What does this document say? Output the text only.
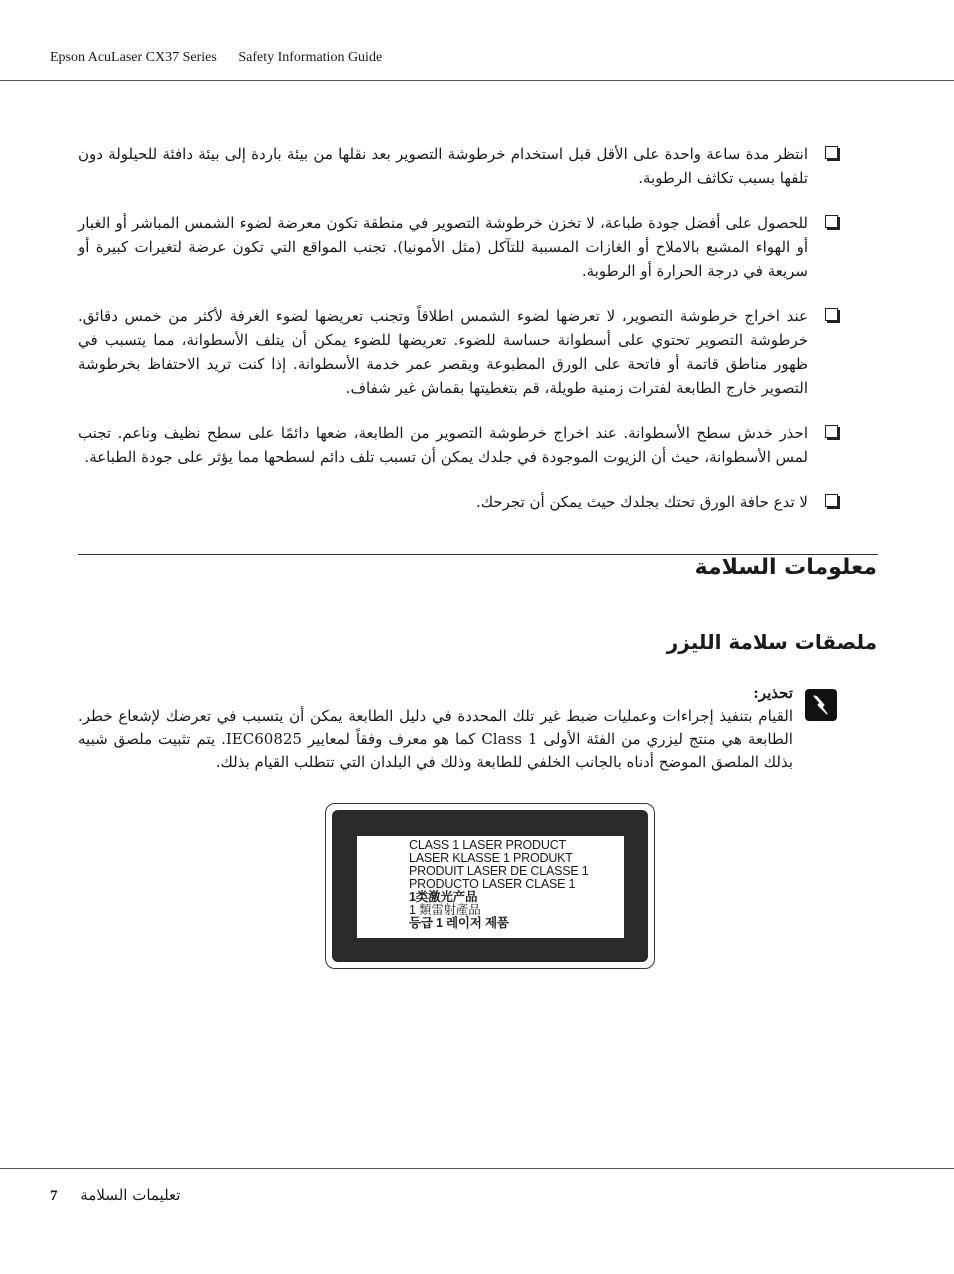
Epson AcuLaser CX37 Series Safety Information Guide
انتظر مدة ساعة واحدة على الأقل قبل استخدام خرطوشة التصوير بعد نقلها من بيئة باردة إلى بيئة دافئة للحيلولة دون تلفها بسبب تكاثف الرطوبة.
للحصول على أفضل جودة طباعة، لا تخزن خرطوشة التصوير في منطقة تكون معرضة لضوء الشمس المباشر أو الغبار أو الهواء المشبع بالاملاح أو الغازات المسببة للتآكل (مثل الأمونيا). تجنب المواقع التي تكون عرضة لتغيرات كبيرة أو سريعة في درجة الحرارة أو الرطوبة.
عند اخراج خرطوشة التصوير، لا تعرضها لضوء الشمس اطلاقاً وتجنب تعريضها لضوء الغرفة لأكثر من خمس دقائق. خرطوشة التصوير تحتوي على أسطوانة حساسة للضوء. تعريضها للضوء يمكن أن يتلف الأسطوانة، مما يتسبب في ظهور مناطق قاتمة أو فاتحة على الورق المطبوعة ويقصر عمر خدمة الأسطوانة. إذا كنت تريد الاحتفاظ بخرطوشة التصوير خارج الطابعة لفترات زمنية طويلة، قم بتغطيتها بقماش غير شفاف.
احذر خدش سطح الأسطوانة. عند اخراج خرطوشة التصوير من الطابعة، ضعها دائمًا على سطح نظيف وناعم. تجنب لمس الأسطوانة، حيث أن الزيوت الموجودة في جلدك يمكن أن تسبب تلف دائم لسطحها مما يؤثر على جودة الطباعة.
لا تدع حافة الورق تحتك بجلدك حيث يمكن أن تجرحك.
معلومات السلامة
ملصقات سلامة الليزر
تحذير:
القيام بتنفيذ إجراءات وعمليات ضبط غير تلك المحددة في دليل الطابعة يمكن أن يتسبب في تعرضك لإشعاع خطر. الطابعة هي منتج ليزري من الفئة الأولى Class 1 كما هو معرف وفقاً لمعايير IEC60825. يتم تثبيت ملصق شبيه بذلك الملصق الموضح أدناه بالجانب الخلفي للطابعة وذلك في البلدان التي تتطلب القيام بذلك.
CLASS 1 LASER PRODUCT
LASER KLASSE 1 PRODUKT
PRODUIT LASER DE CLASSE 1
PRODUCTO LASER CLASE 1
1类激光产品
1 類雷射產品
등급 1 레이저 제품
7 تعليمات السلامة
